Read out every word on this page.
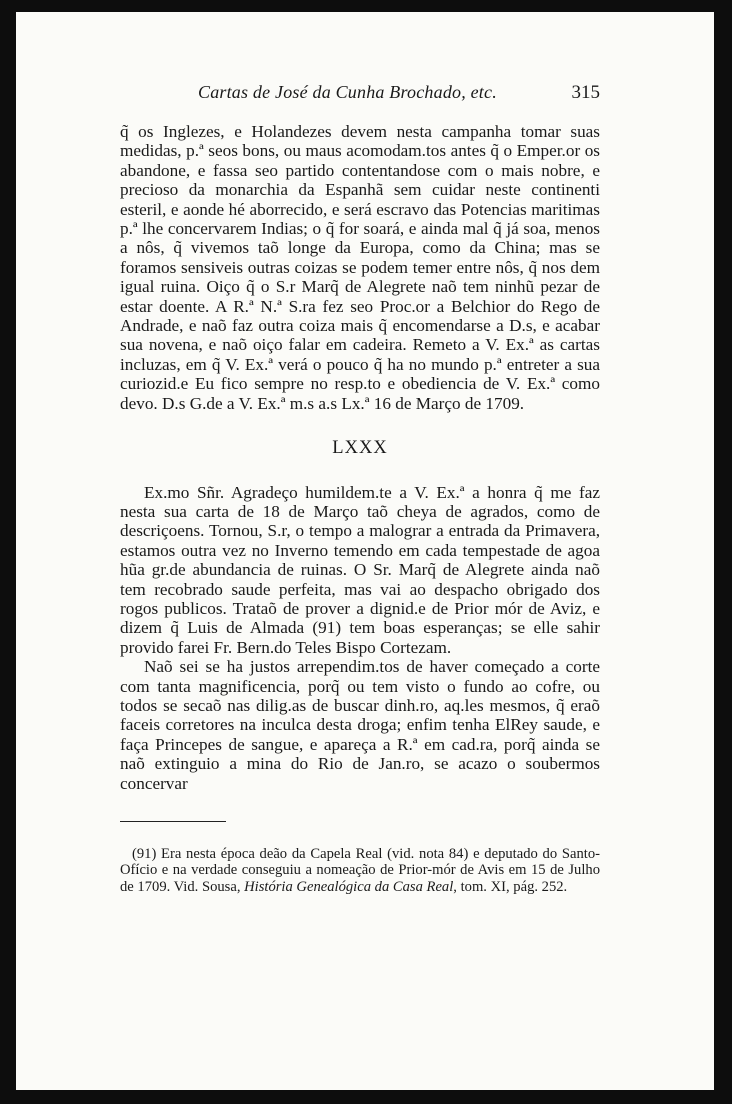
Cartas de José da Cunha Brochado, etc.	315

q̃ os Inglezes, e Holandezes devem nesta campanha tomar suas medidas, p.ª seos bons, ou maus acomodam.tos antes q̃ o Emper.or os abandone, e fassa seo partido contentandose com o mais nobre, e precioso da monarchia da Espanhã sem cuidar neste continenti esteril, e aonde hé aborrecido, e será escravo das Potencias maritimas p.ª lhe concervarem Indias; o q̃ for soará, e ainda mal q̃ já soa, menos a nôs, q̃ vivemos taõ longe da Europa, como da China; mas se foramos sensiveis outras coizas se podem temer entre nôs, q̃ nos dem igual ruina. Oiço q̃ o S.r Marq̃ de Alegrete naõ tem ninhũ pezar de estar doente. A R.ª N.ª S.ra fez seo Proc.or a Belchior do Rego de Andrade, e naõ faz outra coiza mais q̃ encomendarse a D.s, e acabar sua novena, e naõ oiço falar em cadeira. Remeto a V. Ex.ª as cartas incluzas, em q̃ V. Ex.ª verá o pouco q̃ ha no mundo p.ª entreter a sua curiozid.e Eu fico sempre no resp.to e obediencia de V. Ex.ª como devo. D.s G.de a V. Ex.ª m.s a.s Lx.ª 16 de Março de 1709.

LXXX

Ex.mo Sñr. Agradeço humildem.te a V. Ex.ª a honra q̃ me faz nesta sua carta de 18 de Março taõ cheya de agrados, como de descriçoens. Tornou, S.r, o tempo a malograr a entrada da Primavera, estamos outra vez no Inverno temendo em cada tempestade de agoa hũa gr.de abundancia de ruinas. O Sr. Marq̃ de Alegrete ainda naõ tem recobrado saude perfeita, mas vai ao despacho obrigado dos rogos publicos. Trataõ de prover a dignid.e de Prior mór de Aviz, e dizem q̃ Luis de Almada (91) tem boas esperanças; se elle sahir provido farei Fr. Bern.do Teles Bispo Cortezam.

Naõ sei se ha justos arrependim.tos de haver começado a corte com tanta magnificencia, porq̃ ou tem visto o fundo ao cofre, ou todos se secaõ nas dilig.as de buscar dinh.ro, aq.les mesmos, q̃ eraõ faceis corretores na inculca desta droga; enfim tenha ElRey saude, e faça Princepes de sangue, e apareça a R.ª em cad.ra, porq̃ ainda se naõ extinguio a mina do Rio de Jan.ro, se acazo o soubermos concervar

(91) Era nesta época deão da Capela Real (vid. nota 84) e deputado do Santo-Ofício e na verdade conseguiu a nomeação de Prior-mór de Avis em 15 de Julho de 1709. Vid. Sousa, História Genealógica da Casa Real, tom. XI, pág. 252.
